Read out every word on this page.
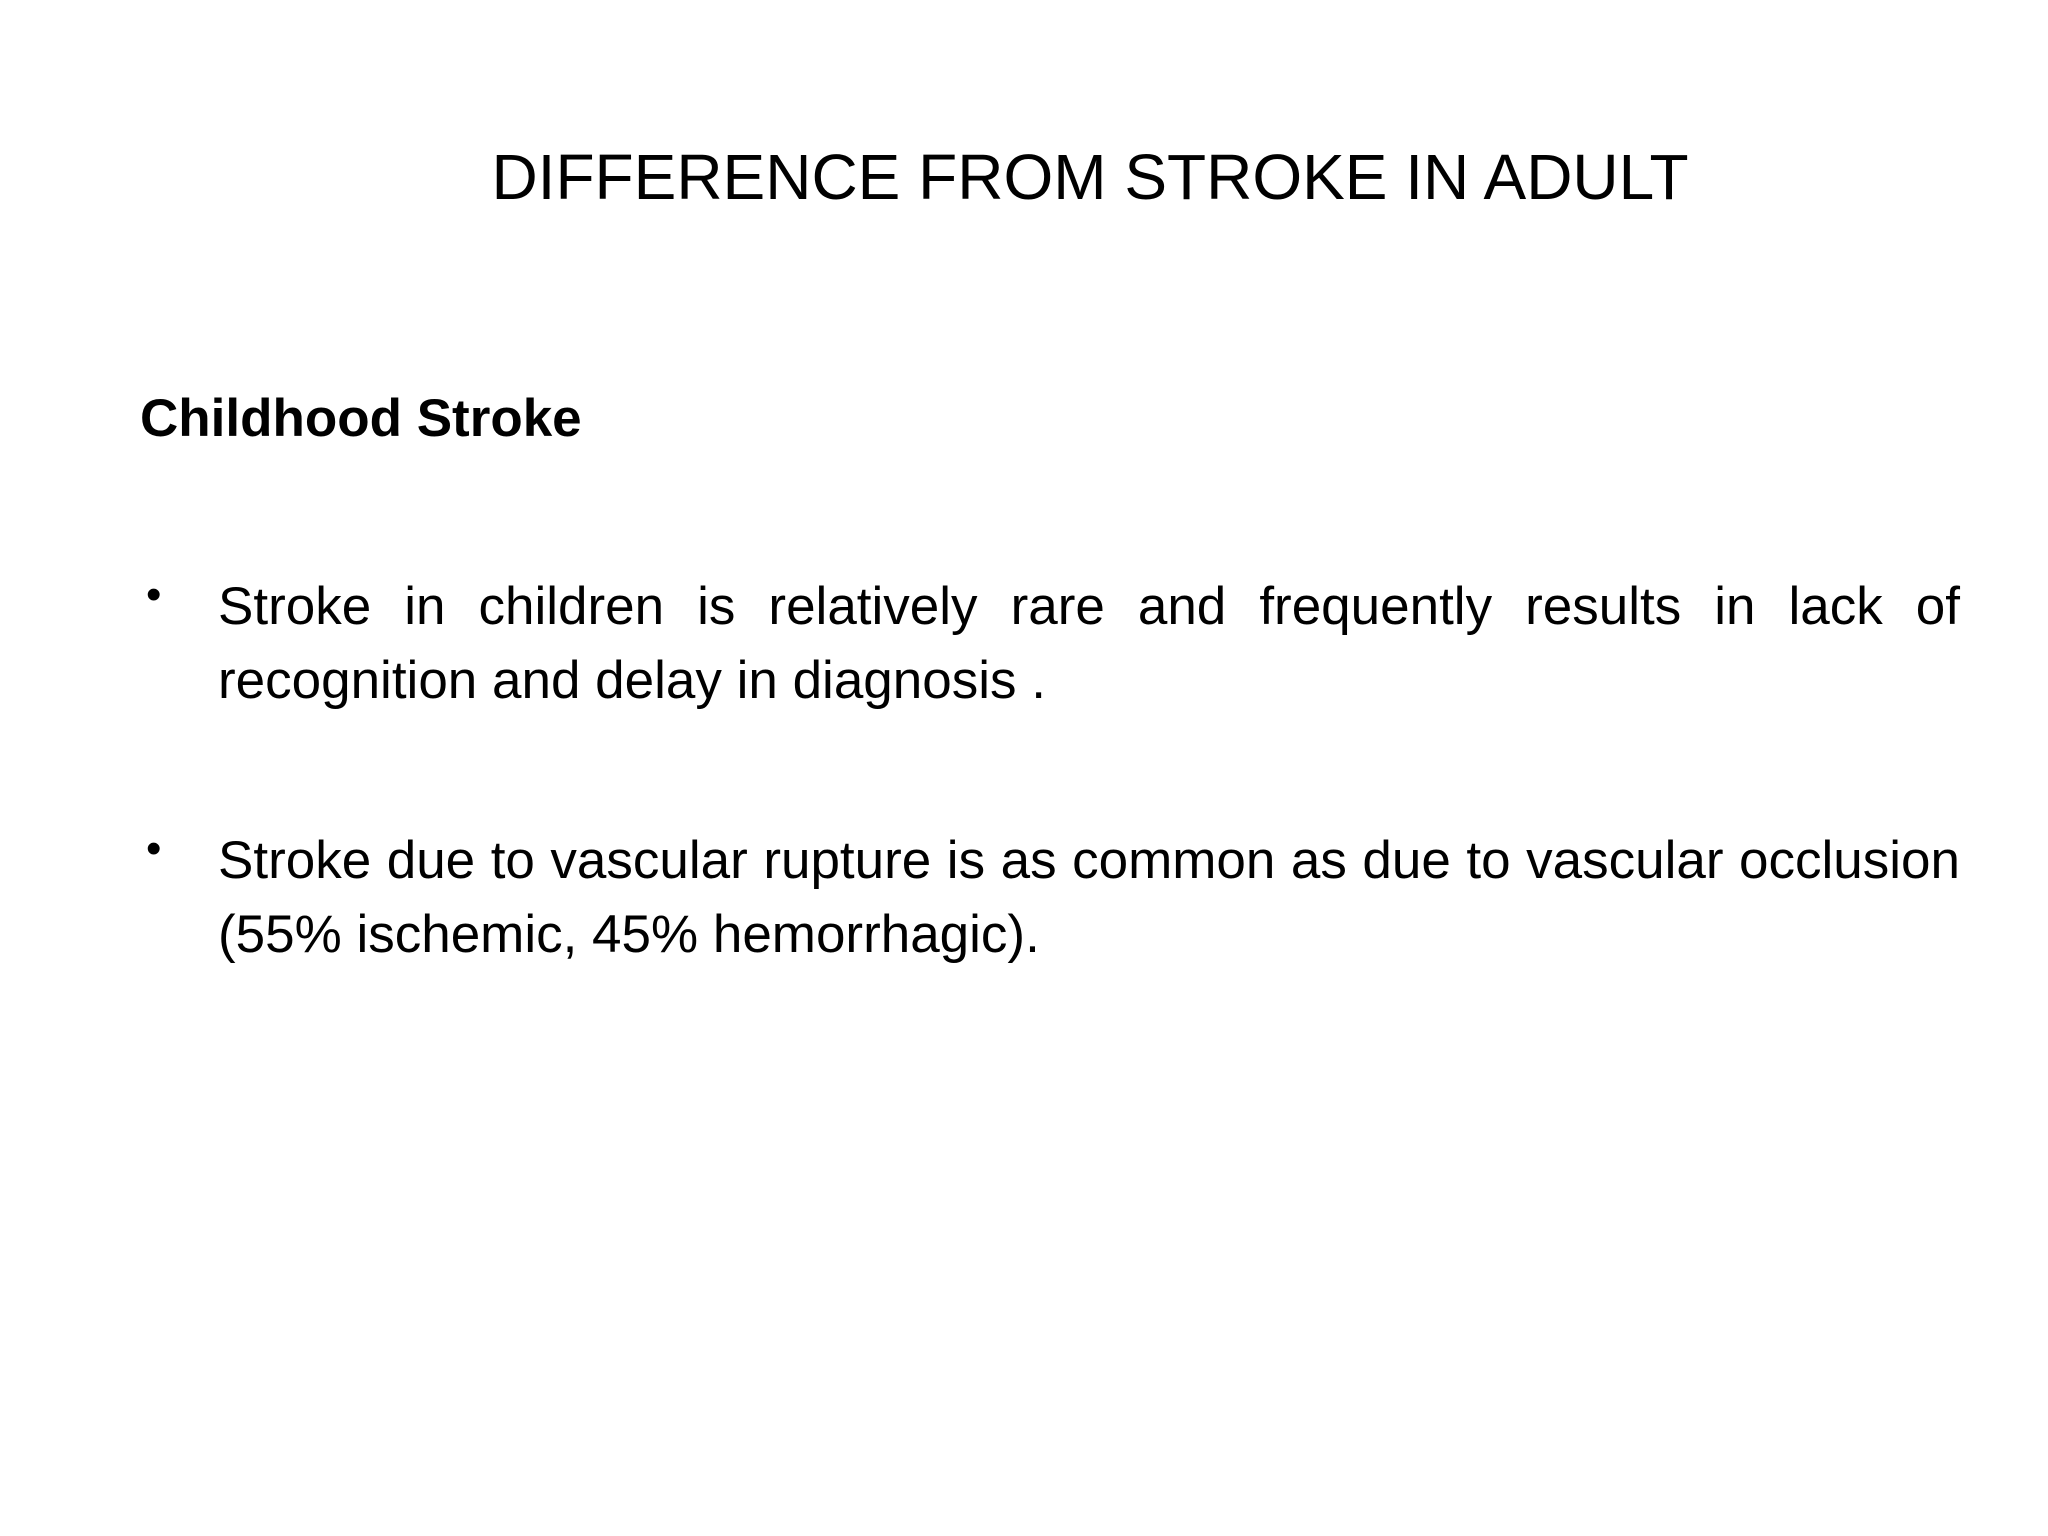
DIFFERENCE FROM STROKE IN ADULT
Childhood Stroke
• Stroke in children is relatively rare and frequently results in lack of recognition and delay in diagnosis .
• Stroke due to vascular rupture is as common as due to vascular occlusion (55% ischemic, 45% hemorrhagic).
